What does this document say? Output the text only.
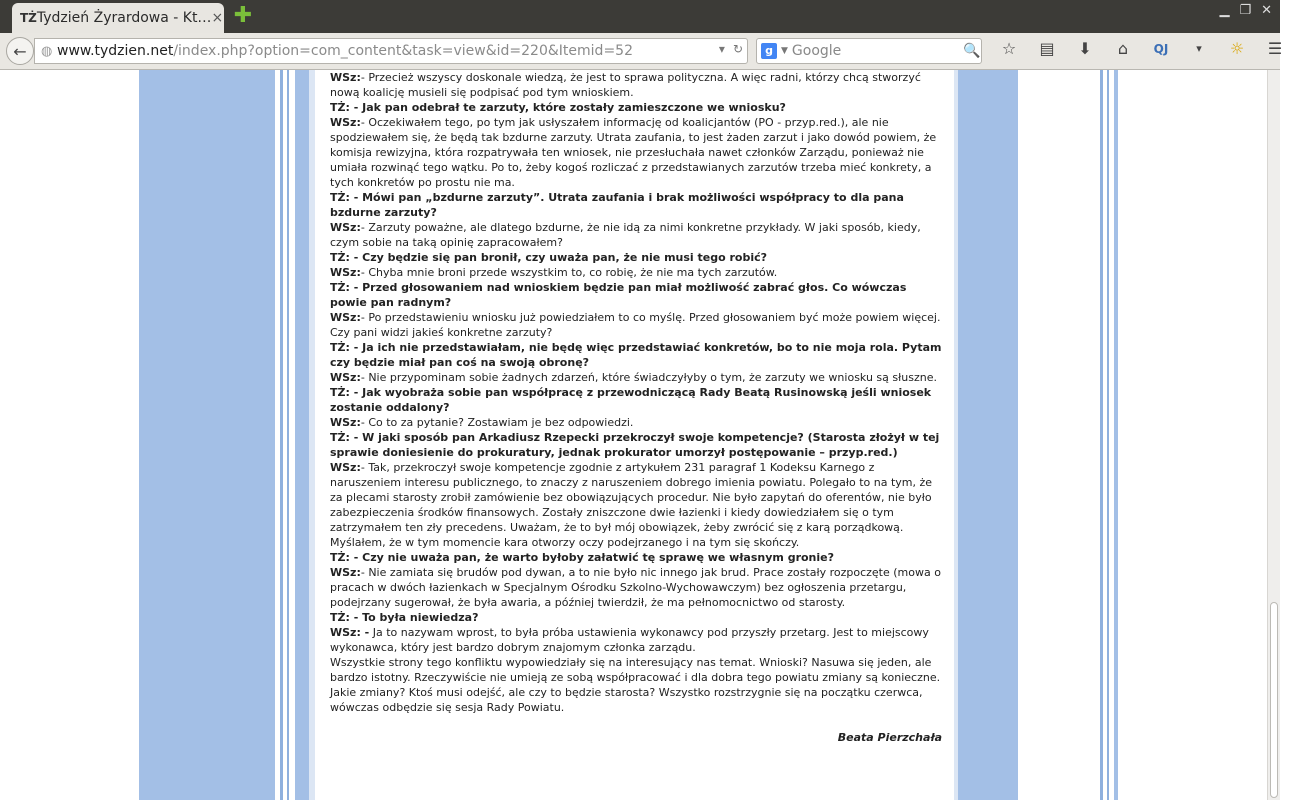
TŻ Tydzień Żyrardowa - Kt… × ✚	▁ ❐ ✕
←	◍ www.tydzien.net /index.php?option=com_content&task=view&id=220&Itemid=52	▾ ↻	g ▼ Google	🔍	☆	▤	⬇	⌂	QJ	▾	☼	☰
WSz:- Przecież wszyscy doskonale wiedzą, że jest to sprawa polityczna. A więc radni, którzy chcą stworzyć nową koalicję musieli się podpisać pod tym wnioskiem.
TŻ: - Jak pan odebrał te zarzuty, które zostały zamieszczone we wniosku?
WSz:- Oczekiwałem tego, po tym jak usłyszałem informację od koalicjantów (PO - przyp.red.), ale nie spodziewałem się, że będą tak bzdurne zarzuty. Utrata zaufania, to jest żaden zarzut i jako dowód powiem, że komisja rewizyjna, która rozpatrywała ten wniosek, nie przesłuchała nawet członków Zarządu, ponieważ nie umiała rozwinąć tego wątku. Po to, żeby kogoś rozliczać z przedstawianych zarzutów trzeba mieć konkrety, a tych konkretów po prostu nie ma.
TŻ: - Mówi pan „bzdurne zarzuty”. Utrata zaufania i brak możliwości współpracy to dla pana bzdurne zarzuty?
WSz:- Zarzuty poważne, ale dlatego bzdurne, że nie idą za nimi konkretne przykłady. W jaki sposób, kiedy, czym sobie na taką opinię zapracowałem?
TŻ: - Czy będzie się pan bronił, czy uważa pan, że nie musi tego robić?
WSz:- Chyba mnie broni przede wszystkim to, co robię, że nie ma tych zarzutów.
TŻ: - Przed głosowaniem nad wnioskiem będzie pan miał możliwość zabrać głos. Co wówczas powie pan radnym?
WSz:- Po przedstawieniu wniosku już powiedziałem to co myślę. Przed głosowaniem być może powiem więcej. Czy pani widzi jakieś konkretne zarzuty?
TŻ: - Ja ich nie przedstawiałam, nie będę więc przedstawiać konkretów, bo to nie moja rola. Pytam czy będzie miał pan coś na swoją obronę?
WSz:- Nie przypominam sobie żadnych zdarzeń, które świadczyłyby o tym, że zarzuty we wniosku są słuszne.
TŻ: - Jak wyobraża sobie pan współpracę z przewodniczącą Rady Beatą Rusinowską jeśli wniosek zostanie oddalony?
WSz:- Co to za pytanie? Zostawiam je bez odpowiedzi.
TŻ: - W jaki sposób pan Arkadiusz Rzepecki przekroczył swoje kompetencje? (Starosta złożył w tej sprawie doniesienie do prokuratury, jednak prokurator umorzył postępowanie – przyp.red.)
WSz:- Tak, przekroczył swoje kompetencje zgodnie z artykułem 231 paragraf 1 Kodeksu Karnego z naruszeniem interesu publicznego, to znaczy z naruszeniem dobrego imienia powiatu. Polegało to na tym, że za plecami starosty zrobił zamówienie bez obowiązujących procedur. Nie było zapytań do oferentów, nie było zabezpieczenia środków finansowych. Zostały zniszczone dwie łazienki i kiedy dowiedziałem się o tym zatrzymałem ten zły precedens. Uważam, że to był mój obowiązek, żeby zwrócić się z karą porządkową. Myślałem, że w tym momencie kara otworzy oczy podejrzanego i na tym się skończy.
TŻ: - Czy nie uważa pan, że warto byłoby załatwić tę sprawę we własnym gronie?
WSz:- Nie zamiata się brudów pod dywan, a to nie było nic innego jak brud. Prace zostały rozpoczęte (mowa o pracach w dwóch łazienkach w Specjalnym Ośrodku Szkolno-Wychowawczym) bez ogłoszenia przetargu, podejrzany sugerował, że była awaria, a później twierdził, że ma pełnomocnictwo od starosty.
TŻ: - To była niewiedza?
WSz: - Ja to nazywam wprost, to była próba ustawienia wykonawcy pod przyszły przetarg. Jest to miejscowy wykonawca, który jest bardzo dobrym znajomym członka zarządu.
Wszystkie strony tego konfliktu wypowiedziały się na interesujący nas temat. Wnioski? Nasuwa się jeden, ale bardzo istotny. Rzeczywiście nie umieją ze sobą współpracować i dla dobra tego powiatu zmiany są konieczne. Jakie zmiany? Ktoś musi odejść, ale czy to będzie starosta? Wszystko rozstrzygnie się na początku czerwca, wówczas odbędzie się sesja Rady Powiatu.
Beata Pierzchała
